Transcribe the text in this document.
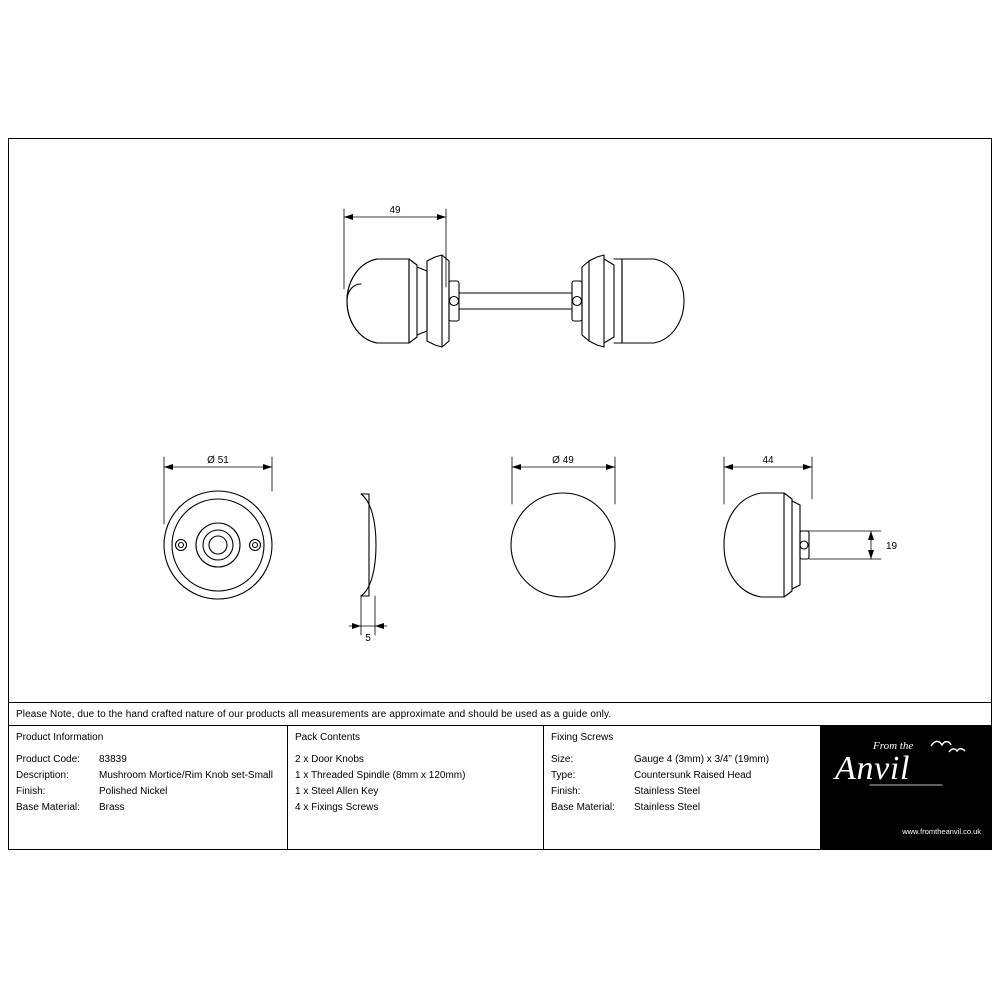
49
Ø 51
5
Ø 49	44
19
Please Note, due to the hand crafted nature of our products all measurements are approximate and should be used as a guide only.
Product Information
Product Code:	83839
Description:	Mushroom Mortice/Rim Knob set-Small
Finish:	Polished Nickel
Base Material:	Brass
Pack Contents
2 x Door Knobs
1 x Threaded Spindle (8mm x 120mm)
1 x Steel Allen Key
4 x Fixings Screws
Fixing Screws
Size:	Gauge 4 (3mm) x 3/4” (19mm)
Type:	Countersunk Raised Head
Finish:	Stainless Steel
Base Material:	Stainless Steel
From the
Anvil
www.fromtheanvil.co.uk
